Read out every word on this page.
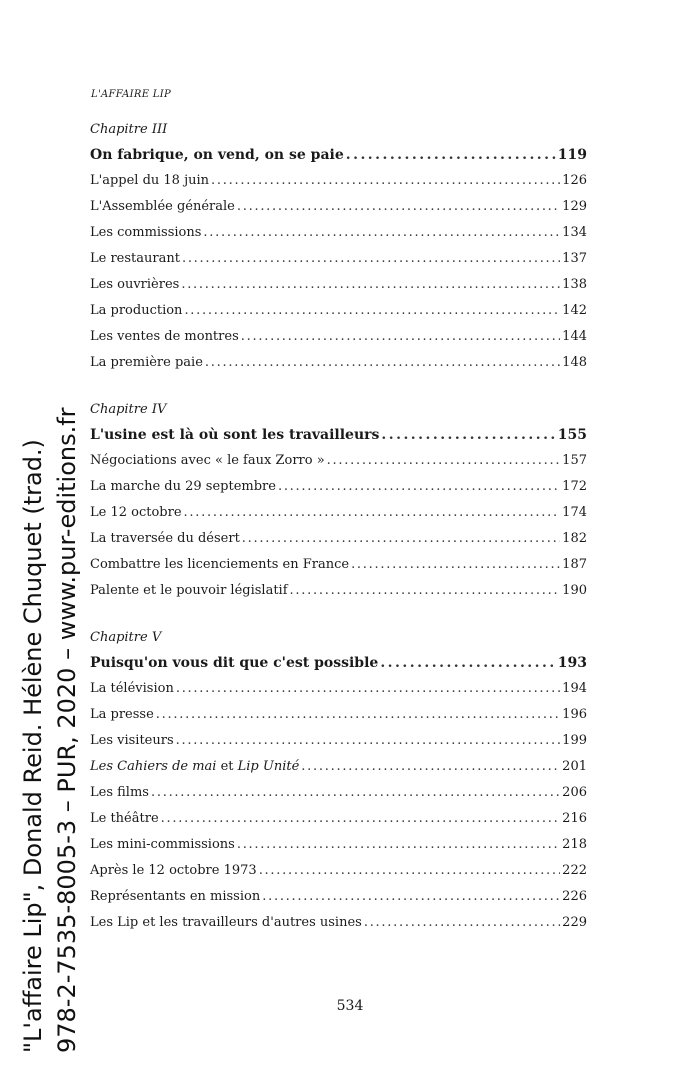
L'AFFAIRE LIP
Chapitre III
On fabrique, on vend, on se paie . . .	119
L'appel du 18 juin . . .	126
L'Assemblée générale . . .	129
Les commissions . . .	134
Le restaurant . . .	137
Les ouvrières . . .	138
La production . . .	142
Les ventes de montres . . .	144
La première paie . . .	148
Chapitre IV
L'usine est là où sont les travailleurs . . .	155
Négociations avec « le faux Zorro » . . .	157
La marche du 29 septembre . . .	172
Le 12 octobre . . .	174
La traversée du désert . . .	182
Combattre les licenciements en France . . .	187
Palente et le pouvoir législatif . . .	190
Chapitre V
Puisqu'on vous dit que c'est possible . . .	193
La télévision . . .	194
La presse . . .	196
Les visiteurs . . .	199
Les Cahiers de mai et Lip Unité . . .	201
Les films . . .	206
Le théâtre . . .	216
Les mini-commissions . . .	218
Après le 12 octobre 1973 . . .	222
Représentants en mission . . .	226
Les Lip et les travailleurs d'autres usines . . .	229
534
"L'affaire Lip", Donald Reid. Hélène Chuquet (trad.) 978-2-7535-8005-3 – PUR, 2020 – www.pur-editions.fr
